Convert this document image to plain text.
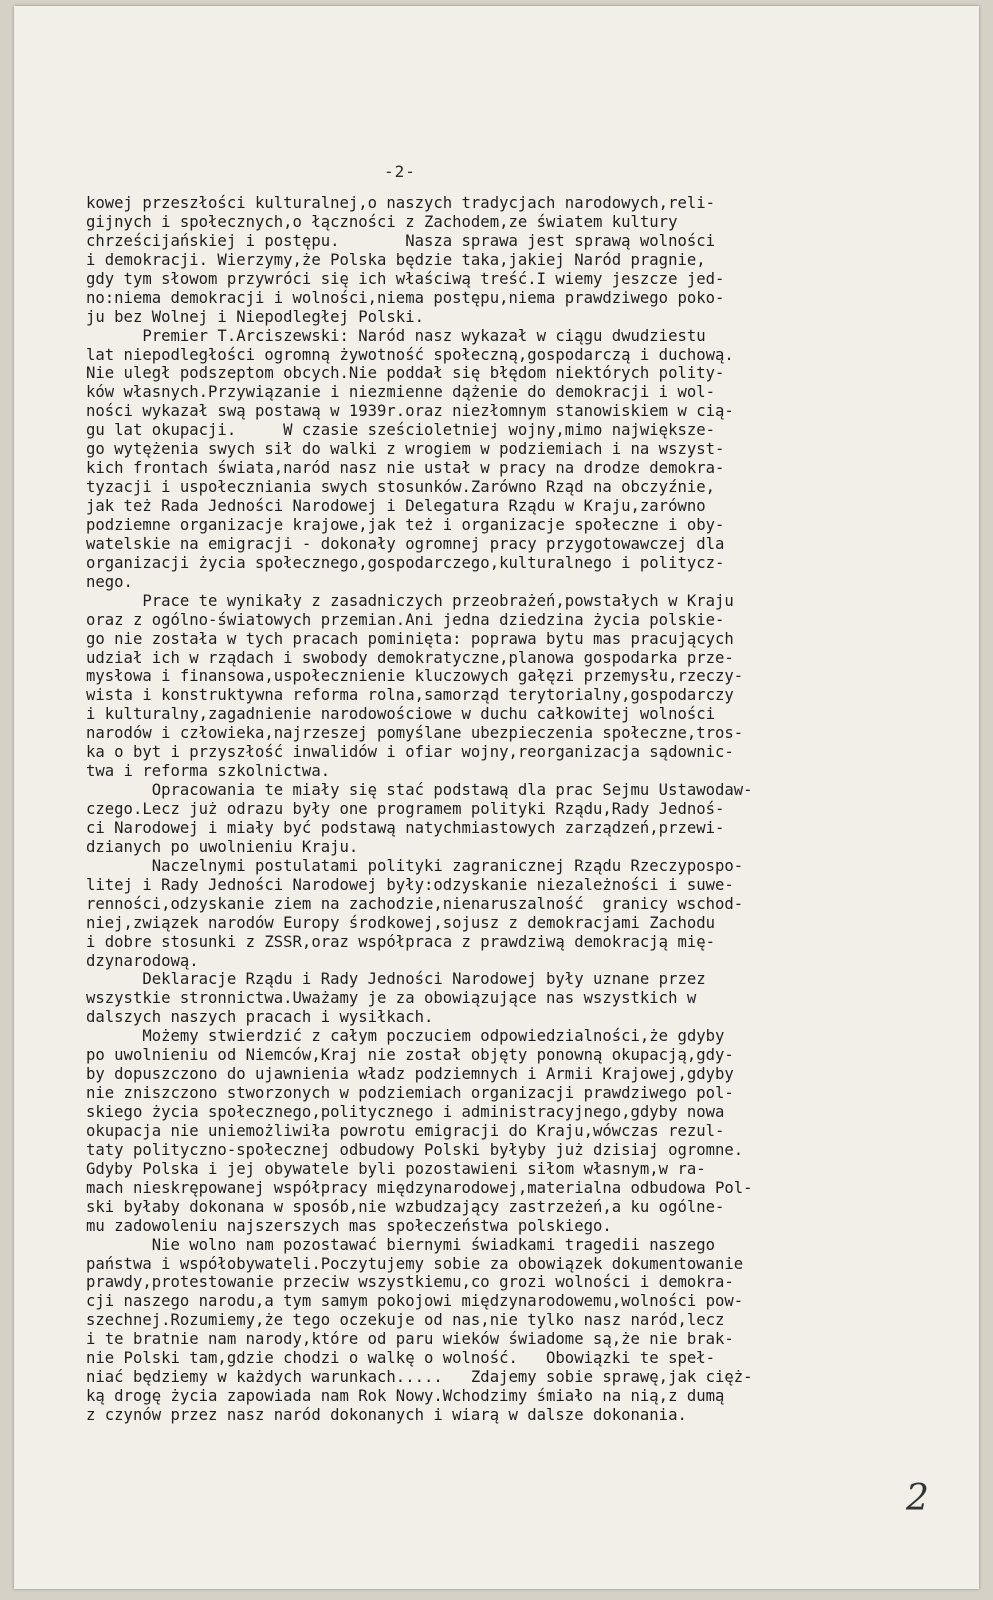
-2-
kowej przeszłości kulturalnej,o naszych tradycjach narodowych,reli-
gijnych i społecznych,o łączności z Zachodem,ze światem kultury
chrześcijańskiej i postępu.       Nasza sprawa jest sprawą wolności
i demokracji. Wierzymy,że Polska będzie taka,jakiej Naród pragnie,
gdy tym słowom przywróci się ich właściwą treść.I wiemy jeszcze jed-
no:niema demokracji i wolności,niema postępu,niema prawdziwego poko-
ju bez Wolnej i Niepodległej Polski.
Premier T.Arciszewski: Naród nasz wykazał w ciągu dwudziestu
lat niepodległości ogromną żywotność społeczną,gospodarczą i duchową.
Nie uległ podszeptom obcych.Nie poddał się błędom niektórych polity-
ków własnych.Przywiązanie i niezmienne dążenie do demokracji i wol-
ności wykazał swą postawą w 1939r.oraz niezłomnym stanowiskiem w cią-
gu lat okupacji.     W czasie sześcioletniej wojny,mimo największe-
go wytężenia swych sił do walki z wrogiem w podziemiach i na wszyst-
kich frontach świata,naród nasz nie ustał w pracy na drodze demokra-
tyzacji i uspołeczniania swych stosunków.Zarówno Rząd na obczyźnie,
jak też Rada Jedności Narodowej i Delegatura Rządu w Kraju,zarówno
podziemne organizacje krajowe,jak też i organizacje społeczne i oby-
watelskie na emigracji - dokonały ogromnej pracy przygotowawczej dla
organizacji życia społecznego,gospodarczego,kulturalnego i politycz-
nego.
Prace te wynikały z zasadniczych przeobrażeń,powstałych w Kraju
oraz z ogólno-światowych przemian.Ani jedna dziedzina życia polskie-
go nie została w tych pracach pominięta: poprawa bytu mas pracujących
udział ich w rządach i swobody demokratyczne,planowa gospodarka prze-
mysłowa i finansowa,uspołecznienie kluczowych gałęzi przemysłu,rzeczy-
wista i konstruktywna reforma rolna,samorząd terytorialny,gospodarczy
i kulturalny,zagadnienie narodowościowe w duchu całkowitej wolności
narodów i człowieka,najrzeszej pomyślane ubezpieczenia społeczne,tros-
ka o byt i przyszłość inwalidów i ofiar wojny,reorganizacja sądownic-
twa i reforma szkolnictwa.
Opracowania te miały się stać podstawą dla prac Sejmu Ustawodaw-
czego.Lecz już odrazu były one programem polityki Rządu,Rady Jednoś-
ci Narodowej i miały być podstawą natychmiastowych zarządzeń,przewi-
dzianych po uwolnieniu Kraju.
Naczelnymi postulatami polityki zagranicznej Rządu Rzeczypospo-
litej i Rady Jedności Narodowej były:odzyskanie niezależności i suwe-
renności,odzyskanie ziem na zachodzie,nienaruszalność  granicy wschod-
niej,związek narodów Europy środkowej,sojusz z demokracjami Zachodu
i dobre stosunki z ZSSR,oraz współpraca z prawdziwą demokracją mię-
dzynarodową.
Deklaracje Rządu i Rady Jedności Narodowej były uznane przez
wszystkie stronnictwa.Uważamy je za obowiązujące nas wszystkich w
dalszych naszych pracach i wysiłkach.
Możemy stwierdzić z całym poczuciem odpowiedzialności,że gdyby
po uwolnieniu od Niemców,Kraj nie został objęty ponowną okupacją,gdy-
by dopuszczono do ujawnienia władz podziemnych i Armii Krajowej,gdyby
nie zniszczono stworzonych w podziemiach organizacji prawdziwego pol-
skiego życia społecznego,politycznego i administracyjnego,gdyby nowa
okupacja nie uniemożliwiła powrotu emigracji do Kraju,wówczas rezul-
taty polityczno-społecznej odbudowy Polski byłyby już dzisiaj ogromne.
Gdyby Polska i jej obywatele byli pozostawieni siłom własnym,w ra-
mach nieskrępowanej współpracy międzynarodowej,materialna odbudowa Pol-
ski byłaby dokonana w sposób,nie wzbudzający zastrzeżeń,a ku ogólne-
mu zadowoleniu najszerszych mas społeczeństwa polskiego.
Nie wolno nam pozostawać biernymi świadkami tragedii naszego
państwa i współobywateli.Poczytujemy sobie za obowiązek dokumentowanie
prawdy,protestowanie przeciw wszystkiemu,co grozi wolności i demokra-
cji naszego narodu,a tym samym pokojowi międzynarodowemu,wolności pow-
szechnej.Rozumiemy,że tego oczekuje od nas,nie tylko nasz naród,lecz
i te bratnie nam narody,które od paru wieków świadome są,że nie brak-
nie Polski tam,gdzie chodzi o walkę o wolność.   Obowiązki te speł-
niać będziemy w każdych warunkach.....   Zdajemy sobie sprawę,jak cięż-
ką drogę życia zapowiada nam Rok Nowy.Wchodzimy śmiało na nią,z dumą
z czynów przez nasz naród dokonanych i wiarą w dalsze dokonania.
2
